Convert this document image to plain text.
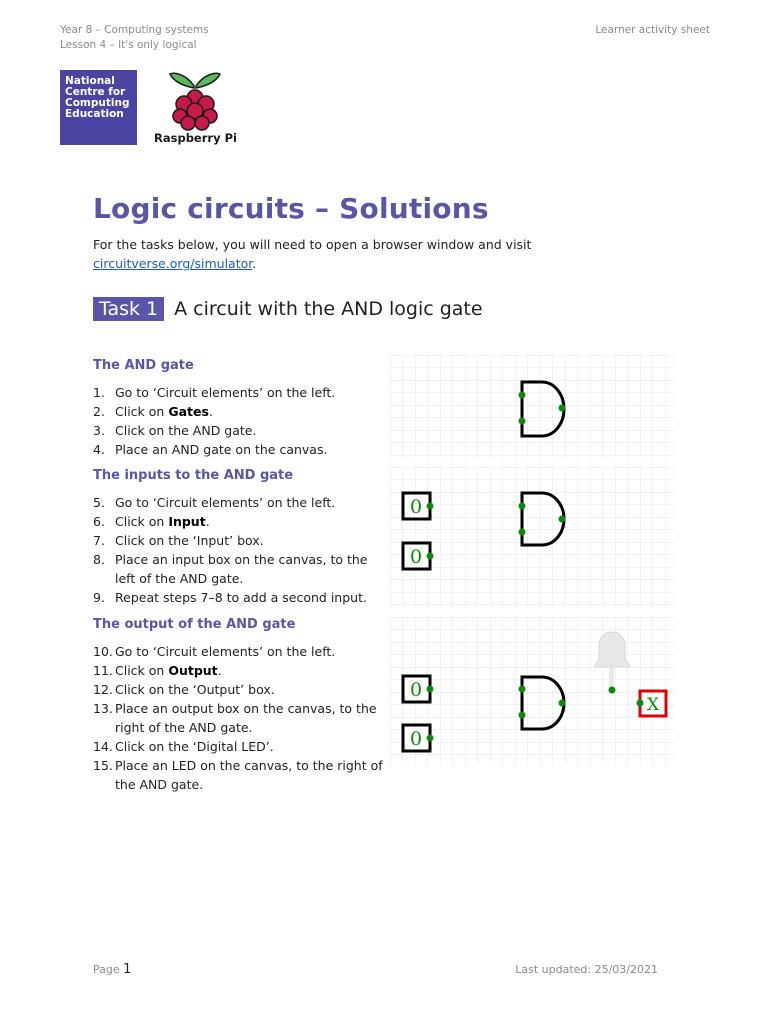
Year 8 – Computing systems
Lesson 4 – It's only logical
Learner activity sheet
National
Centre for
Computing
Education
Raspberry Pi
Logic circuits – Solutions
For the tasks below, you will need to open a browser window and visit
circuitverse.org/simulator.
Task 1 A circuit with the AND logic gate
The AND gate
1. Go to ‘Circuit elements’ on the left.
2. Click on Gates.
3. Click on the AND gate.
4. Place an AND gate on the canvas.
The inputs to the AND gate
5. Go to ‘Circuit elements’ on the left.
6. Click on Input.
7. Click on the ‘Input’ box.
8. Place an input box on the canvas, to the left of the AND gate.
9. Repeat steps 7–8 to add a second input.
The output of the AND gate
10. Go to ‘Circuit elements’ on the left.
11. Click on Output.
12. Click on the ‘Output’ box.
13. Place an output box on the canvas, to the right of the AND gate.
14. Click on the ‘Digital LED’.
15. Place an LED on the canvas, to the right of the AND gate.
0
0
0
0
X
Page 1	Last updated: 25/03/2021
